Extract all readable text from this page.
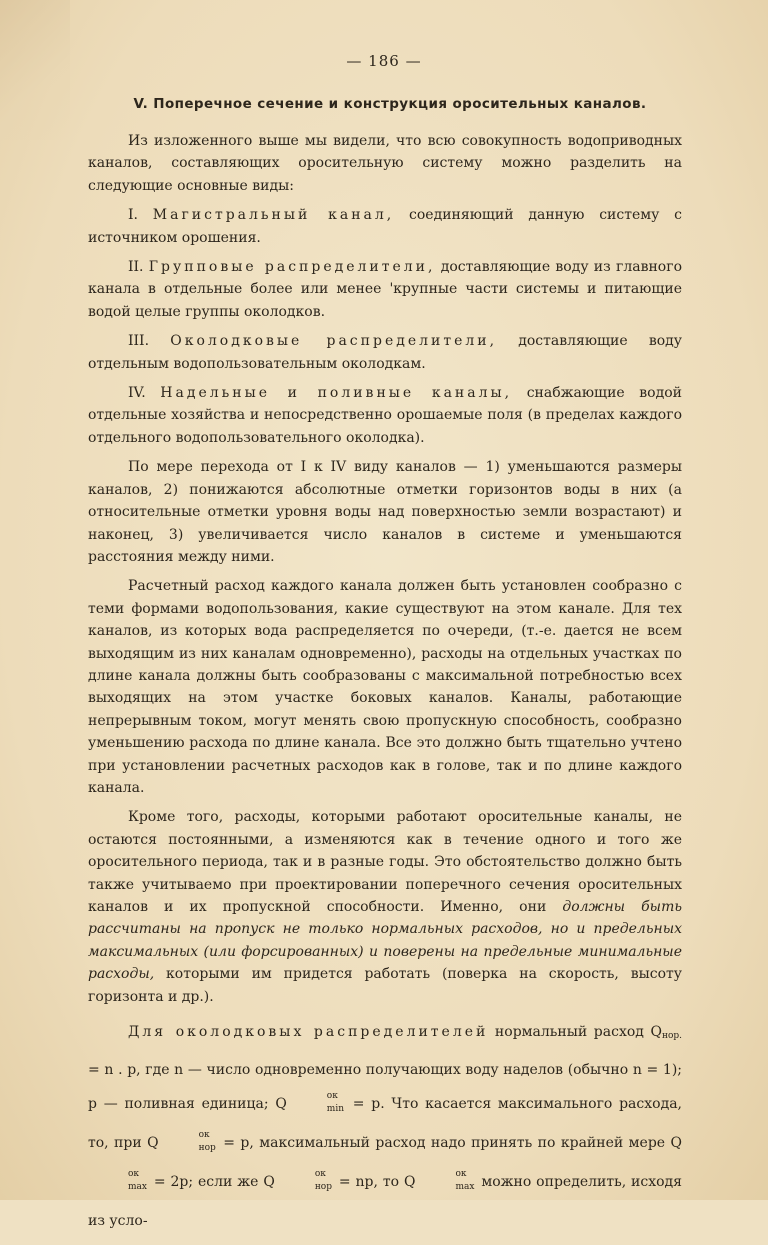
— 186 —
V. Поперечное сечение и конструкция оросительных каналов.

Из изложенного выше мы видели, что всю совокупность водоприводных каналов, составляющих оросительную систему можно разделить на следующие основные виды:

I. Магистральный канал, соединяющий данную систему с источником орошения.

II. Групповые распределители, доставляющие воду из главного канала в отдельные более или менее 'крупные части системы и питающие водой целые группы околодков.

III. Околодковые распределители, доставляющие воду отдельным водопользовательным околодкам.

IV. Надельные и поливные каналы, снабжающие водой отдельные хозяйства и непосредственно орошаемые поля (в пределах каждого отдельного водопользовательного околодка).

По мере перехода от I к IV виду каналов — 1) уменьшаются размеры каналов, 2) понижаются абсолютные отметки горизонтов воды в них (а относительные отметки уровня воды над поверхностью земли возрастают) и наконец, 3) увеличивается число каналов в системе и уменьшаются расстояния между ними.

Расчетный расход каждого канала должен быть установлен сообразно с теми формами водопользования, какие существуют на этом канале. Для тех каналов, из которых вода распределяется по очереди, (т.-е. дается не всем выходящим из них каналам одновременно), расходы на отдельных участках по длине канала должны быть сообразованы с максимальной потребностью всех выходящих на этом участке боковых каналов. Каналы, работающие непрерывным током, могут менять свою пропускную способность, сообразно уменьшению расхода по длине канала. Все это должно быть тщательно учтено при установлении расчетных расходов как в голове, так и по длине каждого канала.

Кроме того, расходы, которыми работают оросительные каналы, не остаются постоянными, а изменяются как в течение одного и того же оросительного периода, так и в разные годы. Это обстоятельство должно быть также учитываемо при проектировании поперечного сечения оросительных каналов и их пропускной способности. Именно, они должны быть рассчитаны на пропуск не только нормальных расходов, но и предельных максимальных (или форсированных) и поверены на предельные минимальные расходы, которыми им придется работать (поверка на скорость, высоту горизонта и др.).

Для околодковых распределителей нормальный расход $Q_{нор.} = n$ . p, где n — число одновременно получающих воду наделов (обычно n = 1); p — поливная единица; Q	ок
min = p. Что касается максимального расхода, то, при Q	ок
нор = p, максимальный расход надо принять по крайней мере Q
ок
max = 2p; если же Q	ок
нор = np, то Q	ок
max можно определить, исходя из усло-
